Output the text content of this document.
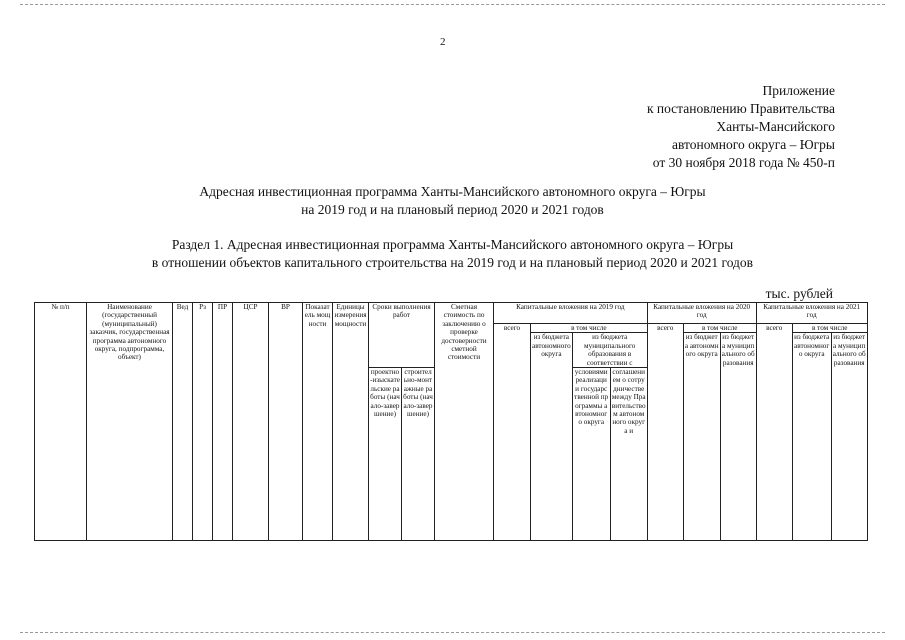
2
Приложение
к постановлению Правительства
Ханты-Мансийского
автономного округа – Югры
от 30 ноября 2018 года № 450-п
Адресная инвестиционная программа Ханты-Мансийского автономного округа – Югры
на 2019 год и на плановый период 2020 и 2021 годов
Раздел 1. Адресная инвестиционная программа Ханты-Мансийского автономного округа – Югры
в отношении объектов капитального строительства на 2019 год и на плановый период 2020 и 2021 годов
тыс. рублей
№ п/п	Наименование (государственный (муниципальный) заказчик, государственная программа автономного округа, подпрограмма, объект)	Вед	Рз	ПР	ЦСР	ВР	Показатель мощности	Единицы измерения мощности	Сроки выполнения работ		Сметная стоимость по заключению о проверке достоверности сметной стоимости	Капитальные вложения на 2019 год				Капитальные вложения на 2020 год			Капитальные вложения на 2021 год		
												всего	в том числе			всего	в том числе		всего	в том числе	
													из бюджета автономного округа	из бюджета муниципального образования в соответствии с			из бюджета автономного округа	из бюджета муниципального образования		из бюджета автономного округа	из бюджета муниципального образования
									проектно-изыскательские работы (начало-завершение)	строительно-монтажные работы (начало-завершение)				условиями реализации государственной программы автономного округа	соглашением о сотрудничестве между Правительством автономного округа и						
